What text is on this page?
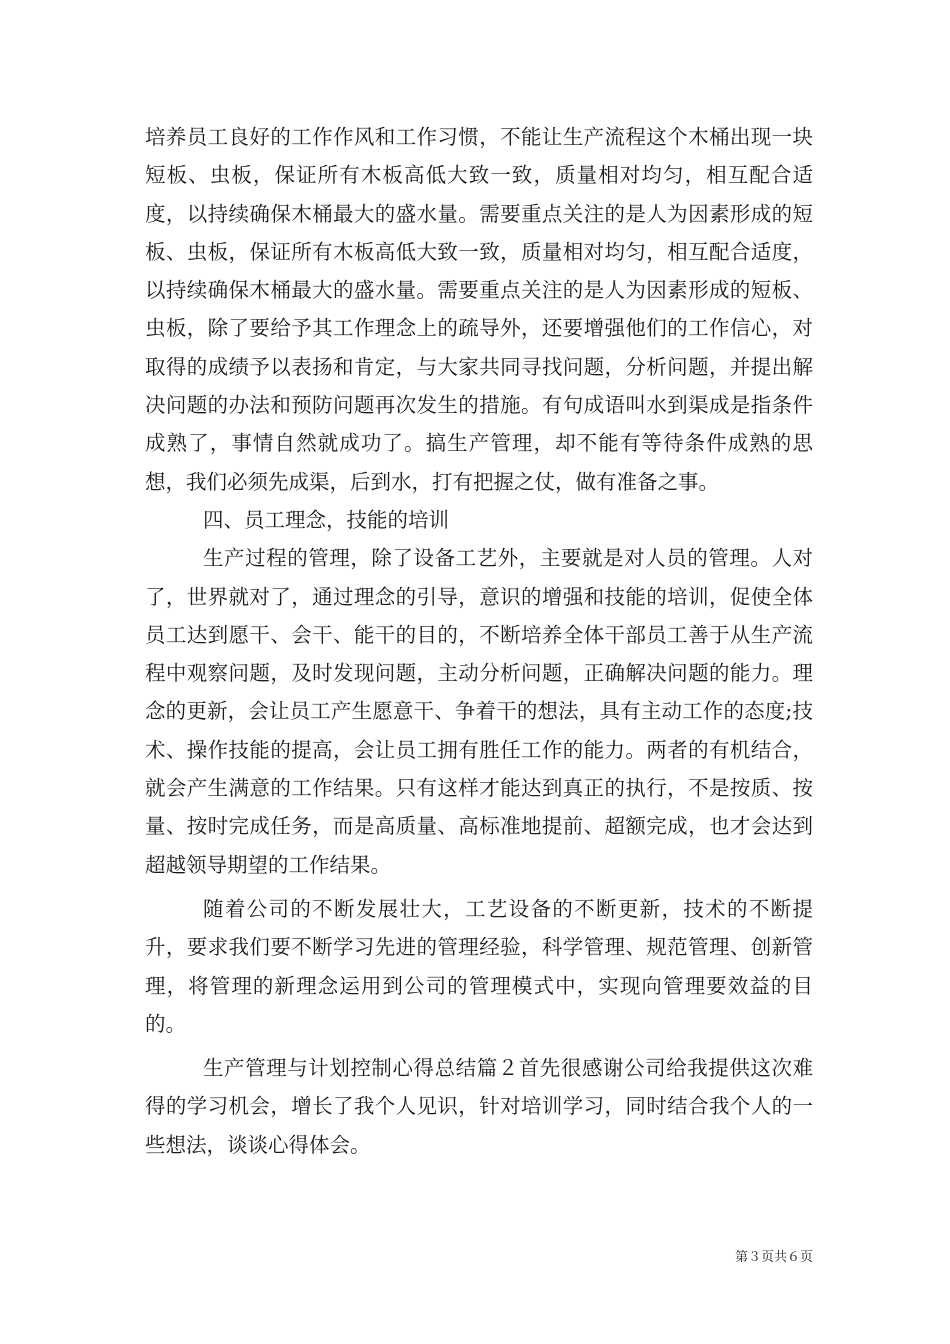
培养员工良好的工作作风和工作习惯，不能让生产流程这个木桶出现一块短板、虫板，保证所有木板高低大致一致，质量相对均匀，相互配合适度，以持续确保木桶最大的盛水量。需要重点关注的是人为因素形成的短板、虫板，保证所有木板高低大致一致，质量相对均匀，相互配合适度，以持续确保木桶最大的盛水量。需要重点关注的是人为因素形成的短板、虫板，除了要给予其工作理念上的疏导外，还要增强他们的工作信心，对取得的成绩予以表扬和肯定，与大家共同寻找问题，分析问题，并提出解决问题的办法和预防问题再次发生的措施。有句成语叫水到渠成是指条件成熟了，事情自然就成功了。搞生产管理，却不能有等待条件成熟的思想，我们必须先成渠，后到水，打有把握之仗，做有准备之事。

四、员工理念，技能的培训

生产过程的管理，除了设备工艺外，主要就是对人员的管理。人对了，世界就对了，通过理念的引导，意识的增强和技能的培训，促使全体员工达到愿干、会干、能干的目的，不断培养全体干部员工善于从生产流程中观察问题，及时发现问题，主动分析问题，正确解决问题的能力。理念的更新，会让员工产生愿意干、争着干的想法，具有主动工作的态度;技术、操作技能的提高，会让员工拥有胜任工作的能力。两者的有机结合，就会产生满意的工作结果。只有这样才能达到真正的执行，不是按质、按量、按时完成任务，而是高质量、高标准地提前、超额完成，也才会达到超越领导期望的工作结果。

随着公司的不断发展壮大，工艺设备的不断更新，技术的不断提升，要求我们要不断学习先进的管理经验，科学管理、规范管理、创新管理，将管理的新理念运用到公司的管理模式中，实现向管理要效益的目的。

生产管理与计划控制心得总结篇２首先很感谢公司给我提供这次难得的学习机会，增长了我个人见识，针对培训学习，同时结合我个人的一些想法，谈谈心得体会。

第３页共６页
